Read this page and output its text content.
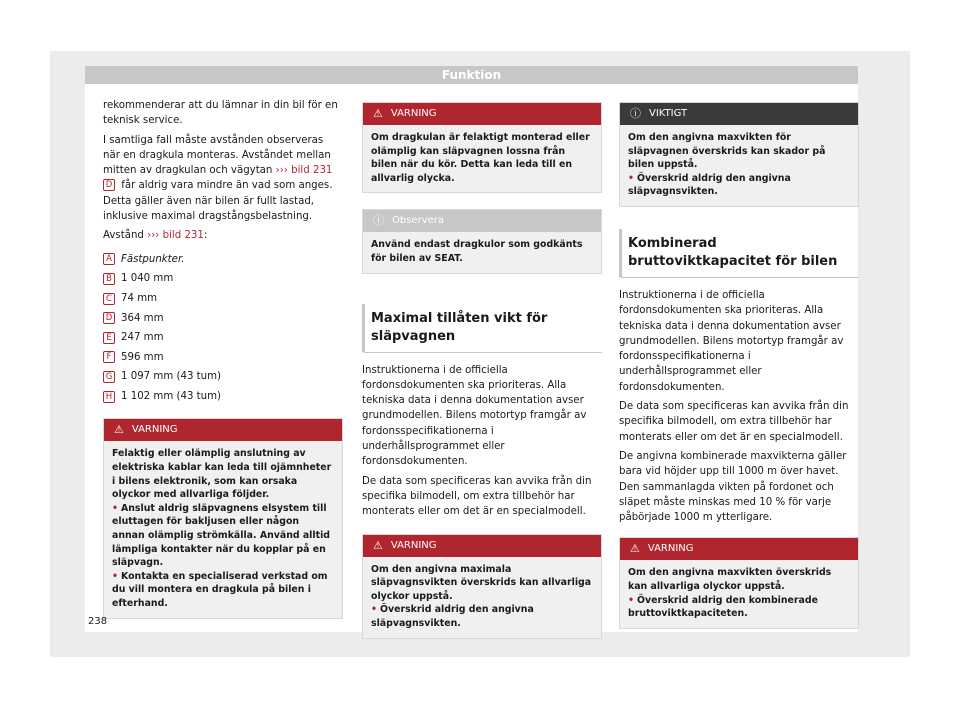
Funktion

rekommenderar att du lämnar in din bil för en teknisk service.

I samtliga fall måste avstånden observeras när en dragkula monteras. Avståndet mellan mitten av dragkulan och vägytan ››› bild 231 D får aldrig vara mindre än vad som anges. Detta gäller även när bilen är fullt lastad, inklusive maximal dragstångsbelastning.

Avstånd ››› bild 231:

A Fästpunkter.
B 1 040 mm
C 74 mm
D 364 mm
E 247 mm
F 596 mm
G 1 097 mm (43 tum)
H 1 102 mm (43 tum)
⚠ VARNING
Felaktig eller olämplig anslutning av elektriska kablar kan leda till ojämnheter i bilens elektronik, som kan orsaka olyckor med allvarliga följder.
• Anslut aldrig släpvagnens elsystem till eluttagen för bakljusen eller någon annan olämplig strömkälla. Använd alltid lämpliga kontakter när du kopplar på en släpvagn.
• Kontakta en specialiserad verkstad om du vill montera en dragkula på bilen i efterhand.
⚠ VARNING
Om dragkulan är felaktigt monterad eller olämplig kan släpvagnen lossna från bilen när du kör. Detta kan leda till en allvarlig olycka.
ⓘ Observera
Använd endast dragkulor som godkänts för bilen av SEAT.
Maximal tillåten vikt för släpvagnen

Instruktionerna i de officiella fordonsdokumenten ska prioriteras. Alla tekniska data i denna dokumentation avser grundmodellen. Bilens motortyp framgår av fordonsspecifikationerna i underhållsprogrammet eller fordonsdokumenten.

De data som specificeras kan avvika från din specifika bilmodell, om extra tillbehör har monterats eller om det är en specialmodell.

⚠ VARNING
Om den angivna maximala släpvagnsvikten överskrids kan allvarliga olyckor uppstå.
• Överskrid aldrig den angivna släpvagnsvikten.
ⓘ VIKTIGT
Om den angivna maxvikten för släpvagnen överskrids kan skador på bilen uppstå.
• Överskrid aldrig den angivna släpvagnsvikten.
Kombinerad bruttoviktkapacitet för bilen

Instruktionerna i de officiella fordonsdokumenten ska prioriteras. Alla tekniska data i denna dokumentation avser grundmodellen. Bilens motortyp framgår av fordonsspecifikationerna i underhållsprogrammet eller fordonsdokumenten.

De data som specificeras kan avvika från din specifika bilmodell, om extra tillbehör har monterats eller om det är en specialmodell.

De angivna kombinerade maxvikterna gäller bara vid höjder upp till 1000 m över havet. Den sammanlagda vikten på fordonet och släpet måste minskas med 10 % för varje påbörjade 1000 m ytterligare.

⚠ VARNING
Om den angivna maxvikten överskrids kan allvarliga olyckor uppstå.
• Överskrid aldrig den kombinerade bruttoviktkapaciteten.
238
